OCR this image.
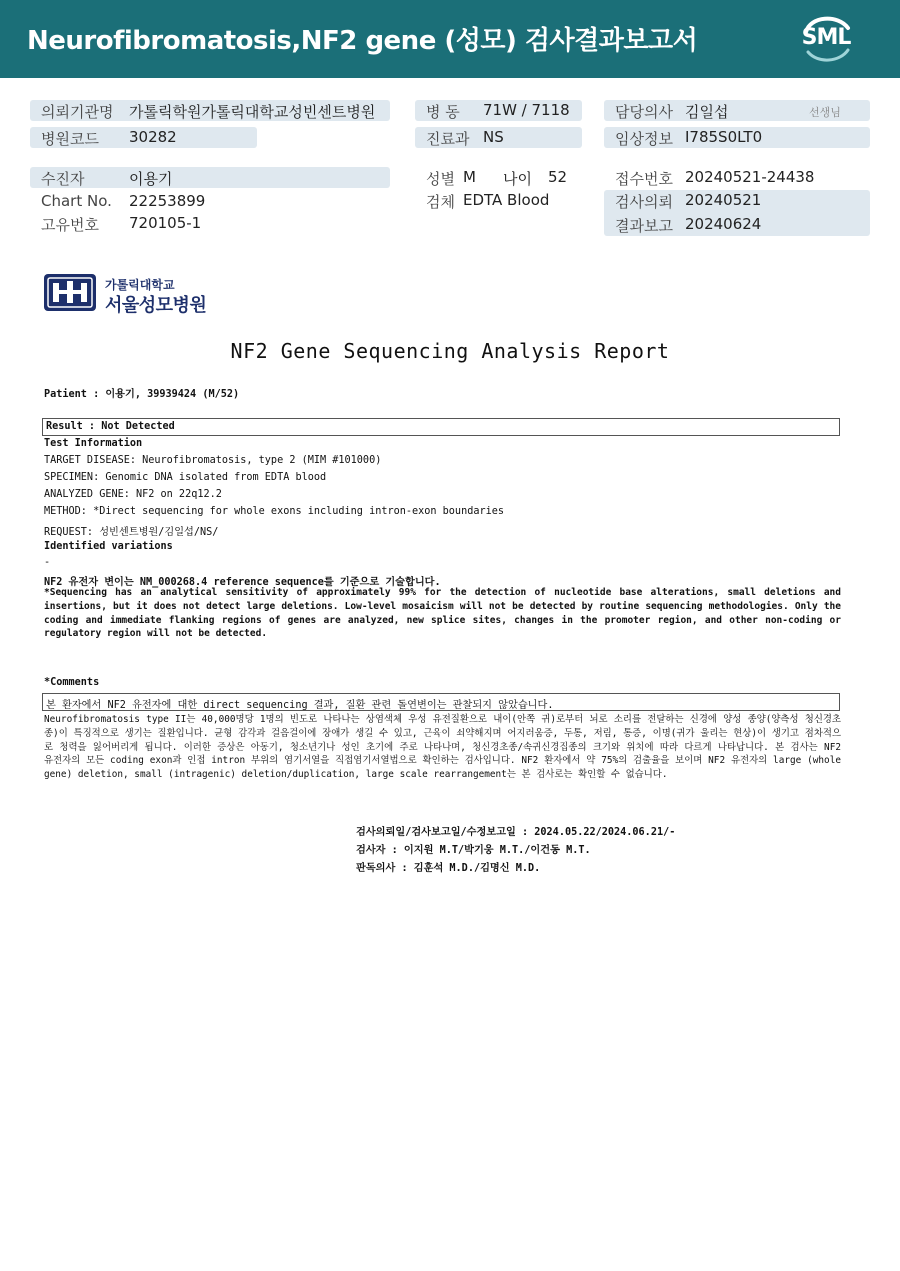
Neurofibromatosis,NF2 gene (성모) 검사결과보고서	SML
의뢰기관명 가톨릭학원가톨릭대학교성빈센트병원	병 동 71W / 7118	담당의사 김일섭	선생님
병원코드 30282	진료과 NS	임상정보 I785S0LT0
수진자	이용기	성별 M 나이 52	접수번호 20240521-24438
Chart No. 22253899	검체 EDTA Blood	검사의뢰 20240521
결과보고 20240624
고유번호 720105-1
가톨릭대학교
서울성모병원
NF2 Gene Sequencing Analysis Report
Patient : 이용기, 39939424 (M/52)
Result : Not Detected
Test Information
TARGET DISEASE: Neurofibromatosis, type 2 (MIM #101000)
SPECIMEN: Genomic DNA isolated from EDTA blood
ANALYZED GENE: NF2 on 22q12.2
METHOD: *Direct sequencing for whole exons including intron-exon boundaries
REQUEST: 성빈센트병원/김일섭/NS/
Identified variations
-
NF2 유전자 변이는 NM_000268.4 reference sequence를 기준으로 기술합니다.
*Sequencing has an analytical sensitivity of approximately 99% for the detection of nucleotide base alterations, small deletions and insertions, but it does not detect large deletions. Low-level mosaicism will not be detected by routine sequencing methodologies. Only the coding and immediate flanking regions of genes are analyzed, new splice sites, changes in the promoter region, and other non-coding or regulatory region will not be detected.
*Comments
본 환자에서 NF2 유전자에 대한 direct sequencing 결과, 질환 관련 돌연변이는 관찰되지 않았습니다.
Neurofibromatosis type II는 40,000명당 1명의 빈도로 나타나는 상염색체 우성 유전질환으로 내이(안쪽 귀)로부터 뇌로 소리를 전달하는 신경에 양성 종양(양측성 청신경초종)이 특징적으로 생기는 질환입니다. 균형 감각과 걸음걸이에 장애가 생길 수 있고, 근육이 쇠약해지며 어지러움증, 두통, 저림, 통증, 이명(귀가 울리는 현상)이 생기고 점차적으로 청력을 잃어버리게 됩니다. 이러한 증상은 아동기, 청소년기나 성인 초기에 주로 나타나며, 청신경초종/속귀신경집종의 크기와 위치에 따라 다르게 나타납니다. 본 검사는 NF2 유전자의 모든 coding exon과 인접 intron 부위의 염기서열을 직접염기서열법으로 확인하는 검사입니다. NF2 환자에서 약 75%의 검출율을 보이며 NF2 유전자의 large (whole gene) deletion, small (intragenic) deletion/duplication, large scale rearrangement는 본 검사로는 확인할 수 없습니다.
검사의뢰일/검사보고일/수정보고일 : 2024.05.22/2024.06.21/-
검사자 : 이지원 M.T/박기웅 M.T./이건동 M.T.
판독의사 : 김훈석 M.D./김명신 M.D.
